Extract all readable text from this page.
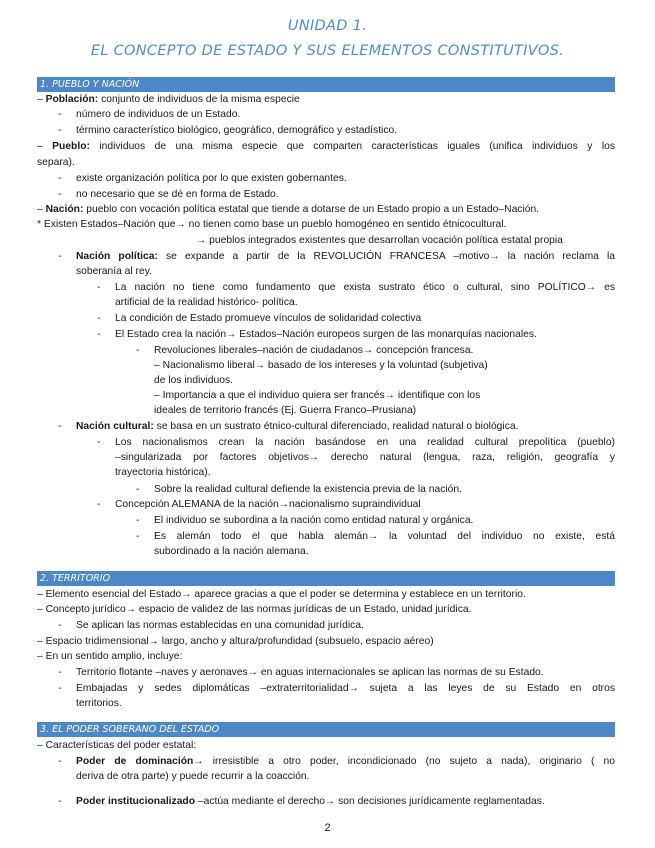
UNIDAD 1.
EL CONCEPTO DE ESTADO Y SUS ELEMENTOS CONSTITUTIVOS.
1. PUEBLO Y NACIÓN
– Población: conjunto de individuos de la misma especie
- número de individuos de un Estado.
- término característico biológico, geográfico, demográfico y estadístico.
– Pueblo: individuos de una misma especie que comparten características iguales (unifica individuos y los
separa).
- existe organización política por lo que existen gobernantes.
- no necesario que se dé en forma de Estado.
– Nación: pueblo con vocación política estatal que tiende a dotarse de un Estado propio a un Estado–Nación.
* Existen Estados–Nación que→ no tienen como base un pueblo homogéneo en sentido étnicocultural.
→ pueblos integrados existentes que desarrollan vocación política estatal propia
- Nación política: se expande a partir de la REVOLUCIÓN FRANCESA –motivo→ la nación reclama la
soberanía al rey.
- La nación no tiene como fundamento que exista sustrato ético o cultural, sino POLÍTICO→ es
artificial de la realidad histórico- política.
- La condición de Estado promueve vínculos de solidaridad colectiva
- El Estado crea la nación→ Estados–Nación europeos surgen de las monarquías nacionales.
- Revoluciones liberales–nación de ciudadanos→ concepción francesa.
– Nacionalismo liberal→ basado de los intereses y la voluntad (subjetiva)
de los individuos.
– Importancia a que el individuo quiera ser francés→ identifique con los
ideales de territorio francés (Ej. Guerra Franco–Prusiana)
- Nación cultural: se basa en un sustrato étnico-cultural diferenciado, realidad natural o biológica.
- Los nacionalismos crean la nación basándose en una realidad cultural prepolítica (pueblo)
–singularizada por factores objetivos→ derecho natural (lengua, raza, religión, geografía y
trayectoria histórica).
- Sobre la realidad cultural defiende la existencia previa de la nación.
- Concepción ALEMANA de la nación→nacionalismo supraindividual
- El individuo se subordina a la nación como entidad natural y orgánica.
- Es alemán todo el que habla alemán→ la voluntad del individuo no existe, está
subordinado a la nación alemana.
2. TERRITORIO
– Elemento esencial del Estado→ aparece gracias a que el poder se determina y establece en un territorio.
– Concepto jurídico→ espacio de validez de las normas jurídicas de un Estado, unidad jurídica.
- Se aplican las normas establecidas en una comunidad jurídica.
– Espacio tridimensional→ largo, ancho y altura/profundidad (subsuelo, espacio aéreo)
– En un sentido amplio, incluye:
- Territorio flotante –naves y aeronaves→ en aguas internacionales se aplican las normas de su Estado.
- Embajadas y sedes diplomáticas –extraterritorialidad→ sujeta a las leyes de su Estado en otros
territorios.
3. EL PODER SOBERANO DEL ESTADO
– Características del poder estatal:
- Poder de dominación→ irresistible a otro poder, incondicionado (no sujeto a nada), originario ( no
deriva de otra parte) y puede recurrir a la coacción.
- Poder institucionalizado –actúa mediante el derecho→ son decisiones jurídicamente reglamentadas.
2
